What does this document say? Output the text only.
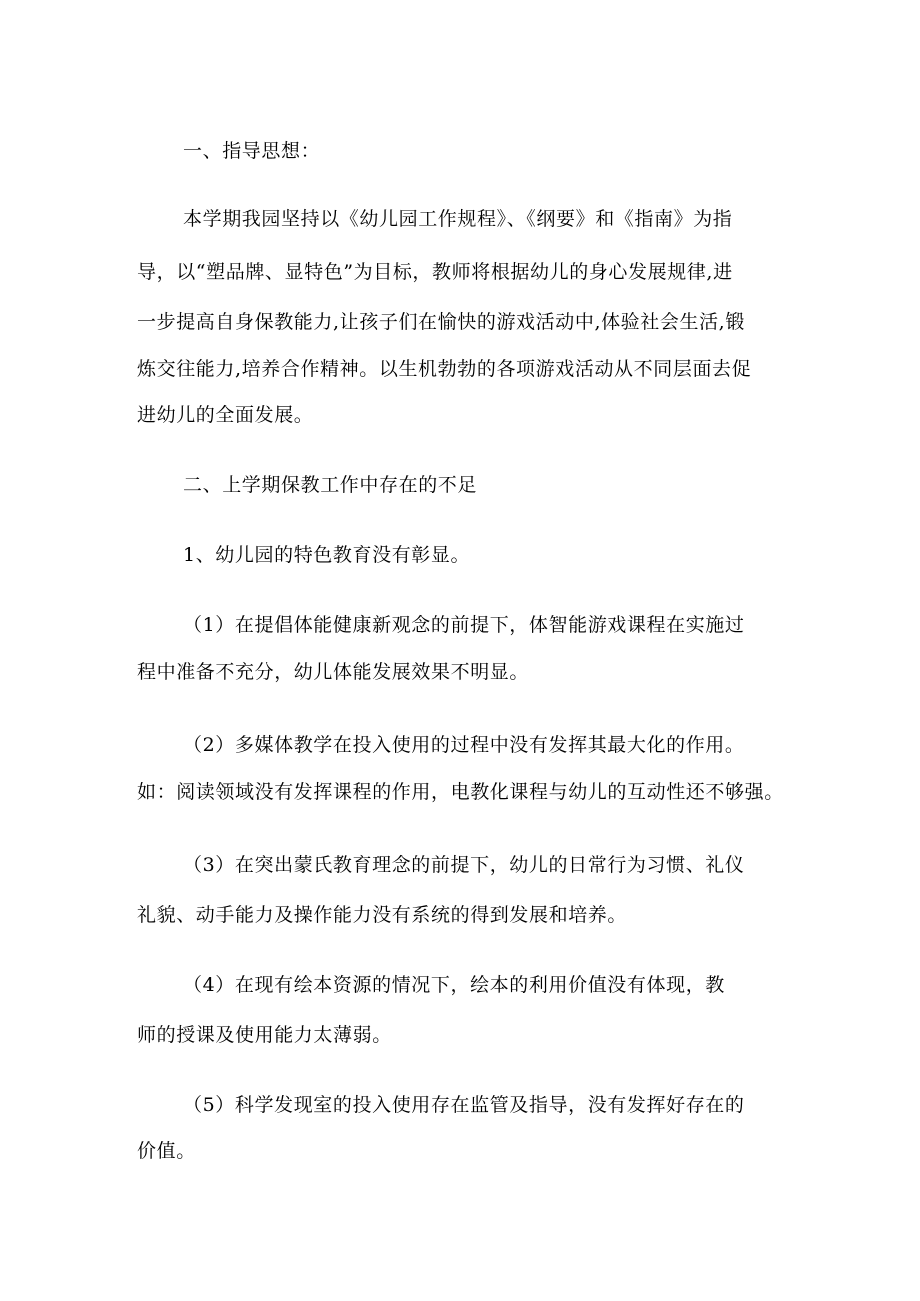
一、指导思想：

本学期我园坚持以《幼儿园工作规程》、《纲要》和《指南》为指

导，以“塑品牌、显特色”为目标，教师将根据幼儿的身心发展规律,进

一步提高自身保教能力,让孩子们在愉快的游戏活动中,体验社会生活,锻

炼交往能力,培养合作精神。以生机勃勃的各项游戏活动从不同层面去促

进幼儿的全面发展。

二、上学期保教工作中存在的不足

1、幼儿园的特色教育没有彰显。

（1）在提倡体能健康新观念的前提下，体智能游戏课程在实施过

程中准备不充分，幼儿体能发展效果不明显。

（2）多媒体教学在投入使用的过程中没有发挥其最大化的作用。

如：阅读领域没有发挥课程的作用，电教化课程与幼儿的互动性还不够强。

（3）在突出蒙氏教育理念的前提下，幼儿的日常行为习惯、礼仪

礼貌、动手能力及操作能力没有系统的得到发展和培养。

（4）在现有绘本资源的情况下，绘本的利用价值没有体现，教

师的授课及使用能力太薄弱。

（5）科学发现室的投入使用存在监管及指导，没有发挥好存在的

价值。
